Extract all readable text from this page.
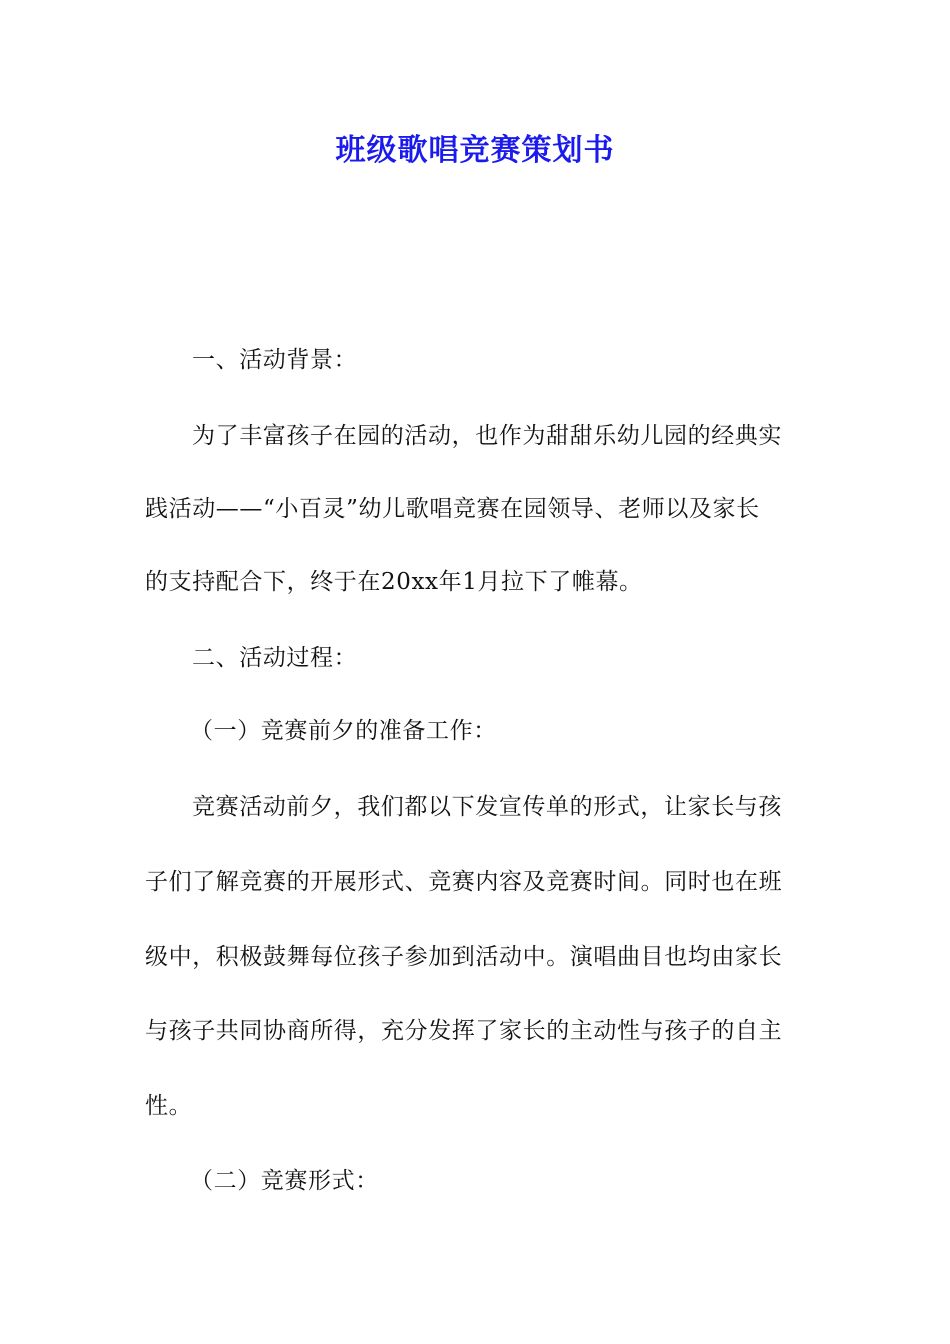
班级歌唱竞赛策划书
一、活动背景：
为了丰富孩子在园的活动，也作为甜甜乐幼儿园的经典实
践活动——“小百灵”幼儿歌唱竞赛在园领导、老师以及家长
的支持配合下，终于在20xx年1月拉下了帷幕。
二、活动过程：
（一）竞赛前夕的准备工作：
竞赛活动前夕，我们都以下发宣传单的形式，让家长与孩
子们了解竞赛的开展形式、竞赛内容及竞赛时间。同时也在班
级中，积极鼓舞每位孩子参加到活动中。演唱曲目也均由家长
与孩子共同协商所得，充分发挥了家长的主动性与孩子的自主
性。
（二）竞赛形式：
